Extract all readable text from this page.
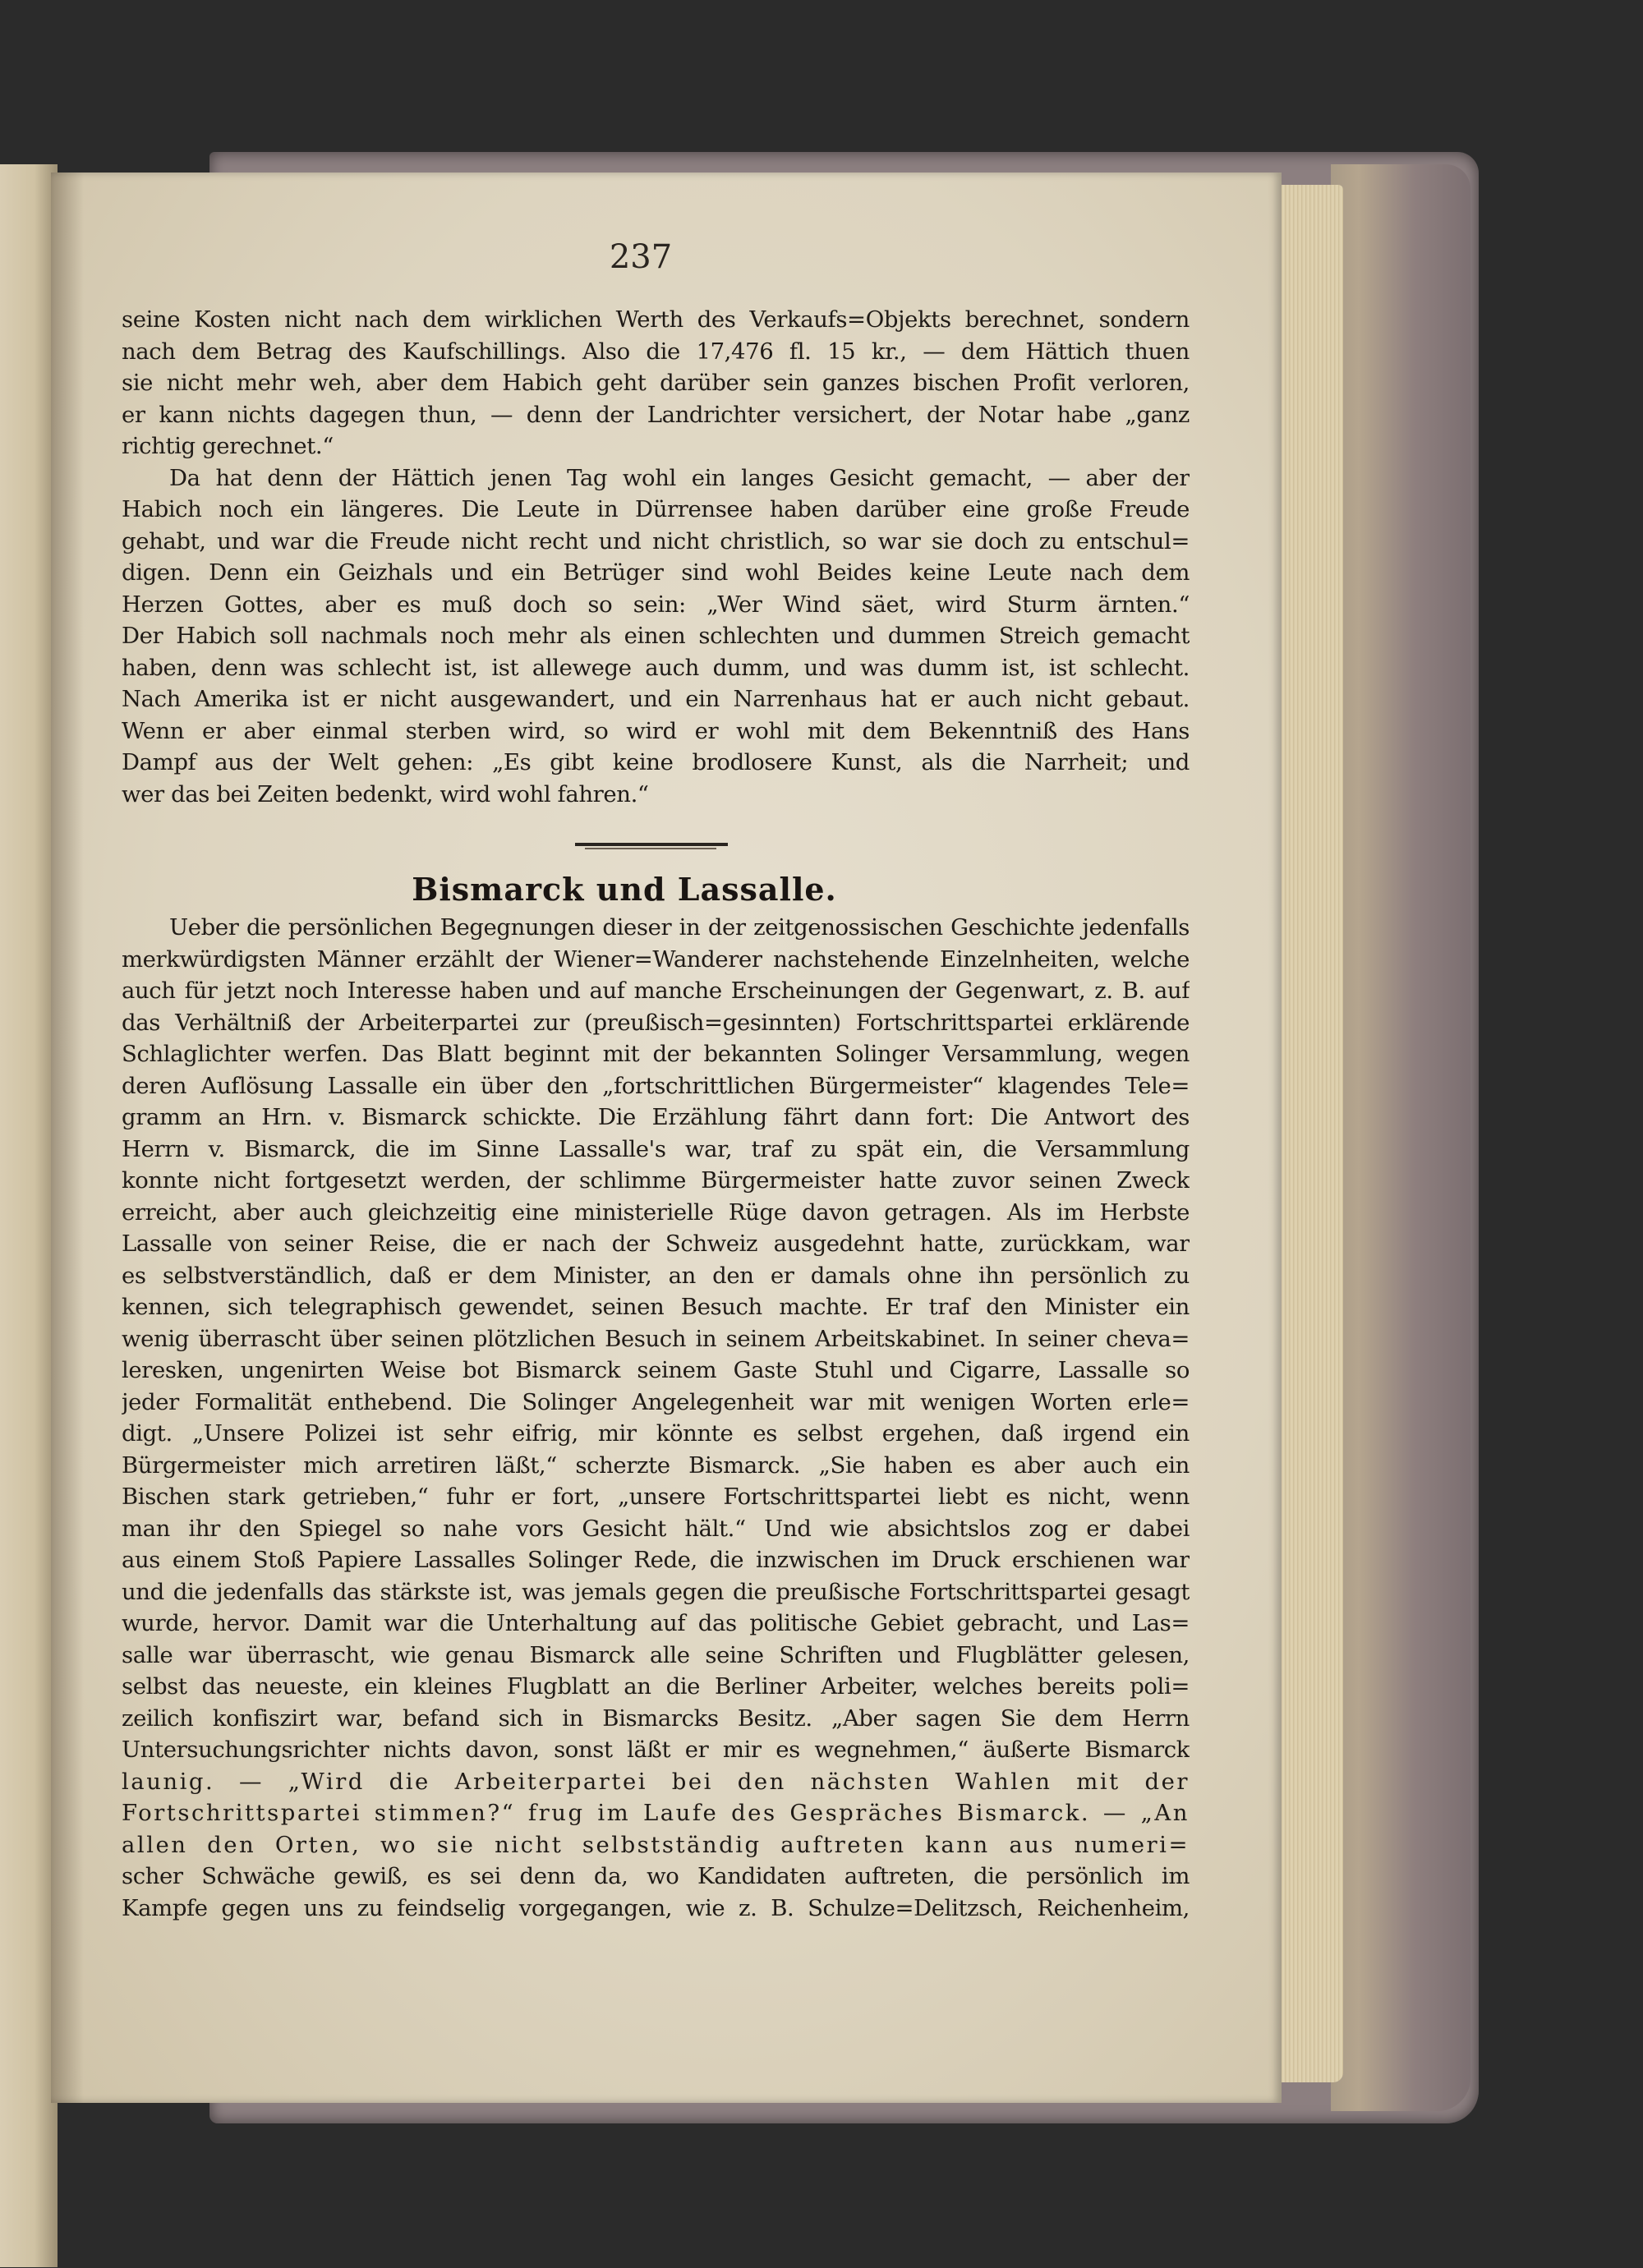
237
seine Kosten nicht nach dem wirklichen Werth des Verkaufs=Objekts berechnet, sondern
nach dem Betrag des Kaufschillings. Also die 17,476 fl. 15 kr., — dem Hättich thuen
sie nicht mehr weh, aber dem Habich geht darüber sein ganzes bischen Profit verloren,
er kann nichts dagegen thun, — denn der Landrichter versichert, der Notar habe „ganz
richtig gerechnet.“
Da hat denn der Hättich jenen Tag wohl ein langes Gesicht gemacht, — aber der
Habich noch ein längeres. Die Leute in Dürrensee haben darüber eine große Freude
gehabt, und war die Freude nicht recht und nicht christlich, so war sie doch zu entschul=
digen. Denn ein Geizhals und ein Betrüger sind wohl Beides keine Leute nach dem
Herzen Gottes, aber es muß doch so sein: „Wer Wind säet, wird Sturm ärnten.“
Der Habich soll nachmals noch mehr als einen schlechten und dummen Streich gemacht
haben, denn was schlecht ist, ist allewege auch dumm, und was dumm ist, ist schlecht.
Nach Amerika ist er nicht ausgewandert, und ein Narrenhaus hat er auch nicht gebaut.
Wenn er aber einmal sterben wird, so wird er wohl mit dem Bekenntniß des Hans
Dampf aus der Welt gehen: „Es gibt keine brodlosere Kunst, als die Narrheit; und
wer das bei Zeiten bedenkt, wird wohl fahren.“
Bismarck und Lassalle.
Ueber die persönlichen Begegnungen dieser in der zeitgenossischen Geschichte jedenfalls
merkwürdigsten Männer erzählt der Wiener=Wanderer nachstehende Einzelnheiten, welche
auch für jetzt noch Interesse haben und auf manche Erscheinungen der Gegenwart, z. B. auf
das Verhältniß der Arbeiterpartei zur (preußisch=gesinnten) Fortschrittspartei erklärende
Schlaglichter werfen. Das Blatt beginnt mit der bekannten Solinger Versammlung, wegen
deren Auflösung Lassalle ein über den „fortschrittlichen Bürgermeister“ klagendes Tele=
gramm an Hrn. v. Bismarck schickte. Die Erzählung fährt dann fort: Die Antwort des
Herrn v. Bismarck, die im Sinne Lassalle's war, traf zu spät ein, die Versammlung
konnte nicht fortgesetzt werden, der schlimme Bürgermeister hatte zuvor seinen Zweck
erreicht, aber auch gleichzeitig eine ministerielle Rüge davon getragen. Als im Herbste
Lassalle von seiner Reise, die er nach der Schweiz ausgedehnt hatte, zurückkam, war
es selbstverständlich, daß er dem Minister, an den er damals ohne ihn persönlich zu
kennen, sich telegraphisch gewendet, seinen Besuch machte. Er traf den Minister ein
wenig überrascht über seinen plötzlichen Besuch in seinem Arbeitskabinet. In seiner cheva=
leresken, ungenirten Weise bot Bismarck seinem Gaste Stuhl und Cigarre, Lassalle so
jeder Formalität enthebend. Die Solinger Angelegenheit war mit wenigen Worten erle=
digt. „Unsere Polizei ist sehr eifrig, mir könnte es selbst ergehen, daß irgend ein
Bürgermeister mich arretiren läßt,“ scherzte Bismarck. „Sie haben es aber auch ein
Bischen stark getrieben,“ fuhr er fort, „unsere Fortschrittspartei liebt es nicht, wenn
man ihr den Spiegel so nahe vors Gesicht hält.“ Und wie absichtslos zog er dabei
aus einem Stoß Papiere Lassalles Solinger Rede, die inzwischen im Druck erschienen war
und die jedenfalls das stärkste ist, was jemals gegen die preußische Fortschrittspartei gesagt
wurde, hervor. Damit war die Unterhaltung auf das politische Gebiet gebracht, und Las=
salle war überrascht, wie genau Bismarck alle seine Schriften und Flugblätter gelesen,
selbst das neueste, ein kleines Flugblatt an die Berliner Arbeiter, welches bereits poli=
zeilich konfiszirt war, befand sich in Bismarcks Besitz. „Aber sagen Sie dem Herrn
Untersuchungsrichter nichts davon, sonst läßt er mir es wegnehmen,“ äußerte Bismarck
launig. — „Wird die Arbeiterpartei bei den nächsten Wahlen mit der
Fortschrittspartei stimmen?“ frug im Laufe des Gespräches Bismarck. — „An
allen den Orten, wo sie nicht selbstständig auftreten kann aus numeri=
scher Schwäche gewiß, es sei denn da, wo Kandidaten auftreten, die persönlich im
Kampfe gegen uns zu feindselig vorgegangen, wie z. B. Schulze=Delitzsch, Reichenheim,
